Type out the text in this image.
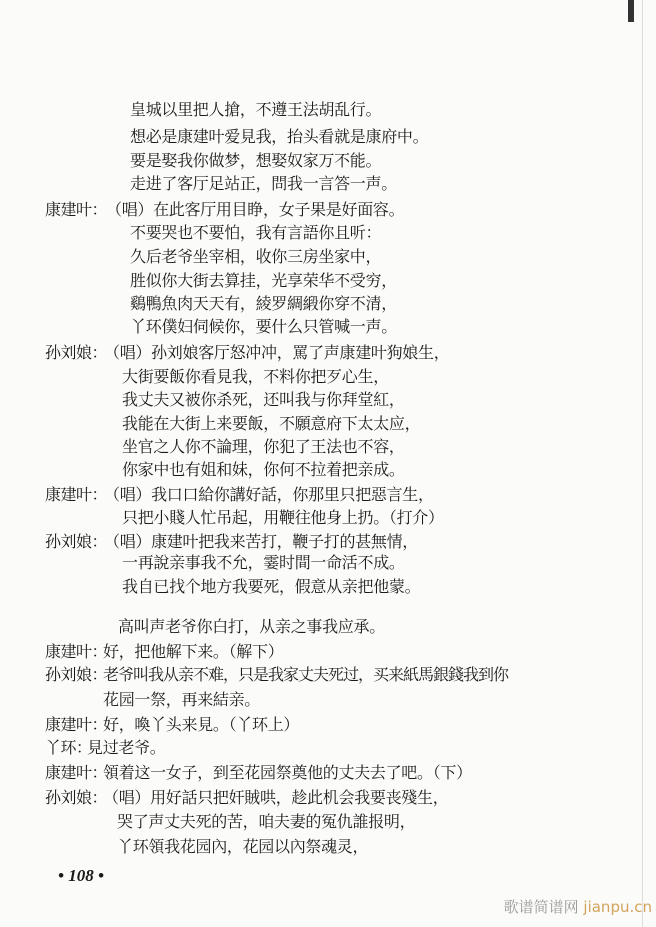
皇城以里把人搶，不遵王法胡乱行。
想必是康建叶爱見我，抬头看就是康府中。
要是娶我你做梦，想娶奴家万不能。
走进了客厅足站正，問我一言答一声。
康建叶：
（唱）在此客厅用目睁，女子果是好面容。
不要哭也不要怕，我有言語你且听：
久后老爷坐宰相，收你三房坐家中，
胜似你大街去算挂，光享荣华不受穷，
鷄鴨魚肉天天有，綾罗綢緞你穿不清，
丫环僕妇伺候你，要什么只管喊一声。
孙刘娘：
（唱）孙刘娘客厅怒冲冲，罵了声康建叶狗娘生，
大街要飯你看見我，不料你把歹心生，
我丈夫又被你杀死，还叫我与你拜堂紅，
我能在大街上来要飯，不願意府下太太应，
坐官之人你不論理，你犯了王法也不容，
你家中也有姐和妹，你何不拉着把亲成。
康建叶：
（唱）我口口給你講好話，你那里只把惡言生，
只把小賤人忙吊起，用鞭往他身上扔。（打介）
孙刘娘：
（唱）康建叶把我来苦打，鞭子打的甚無情，
一再說亲事我不允，霎时間一命活不成。
我自已找个地方我要死，假意从亲把他蒙。
高叫声老爷你白打，从亲之事我应承。
康建叶：
好，把他解下来。（解下）
孙刘娘：
老爷叫我从亲不难，只是我家丈夫死过，买来紙馬銀錢我到你
花园一祭，再来結亲。
康建叶：
好，喚丫头来見。（丫环上）
丫环：
見过老爷。
康建叶：
領着这一女子，到至花园祭奠他的丈夫去了吧。（下）
孙刘娘：
（唱）用好話只把奸賊哄，趁此机会我要丧殘生，
哭了声丈夫死的苦，咱夫妻的冤仇誰报明，
丫环領我花园內，花园以內祭魂灵，
• 108 •
歌谱简谱网 jianpu.cn
